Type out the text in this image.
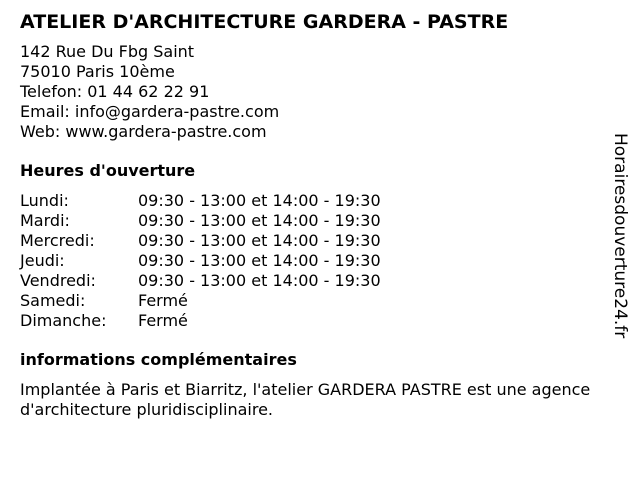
ATELIER D'ARCHITECTURE GARDERA - PASTRE
142 Rue Du Fbg Saint
75010 Paris 10ème
Telefon: 01 44 62 22 91
Email: info@gardera-pastre.com
Web: www.gardera-pastre.com
Heures d'ouverture
Lundi:	09:30 - 13:00 et 14:00 - 19:30
Mardi:	09:30 - 13:00 et 14:00 - 19:30
Mercredi:	09:30 - 13:00 et 14:00 - 19:30
Jeudi:	09:30 - 13:00 et 14:00 - 19:30
Vendredi:	09:30 - 13:00 et 14:00 - 19:30
Samedi:	Fermé
Dimanche:	Fermé
informations complémentaires
Implantée à Paris et Biarritz, l'atelier GARDERA PASTRE est une agence d'architecture pluridisciplinaire.
Horairesdouverture24.fr
